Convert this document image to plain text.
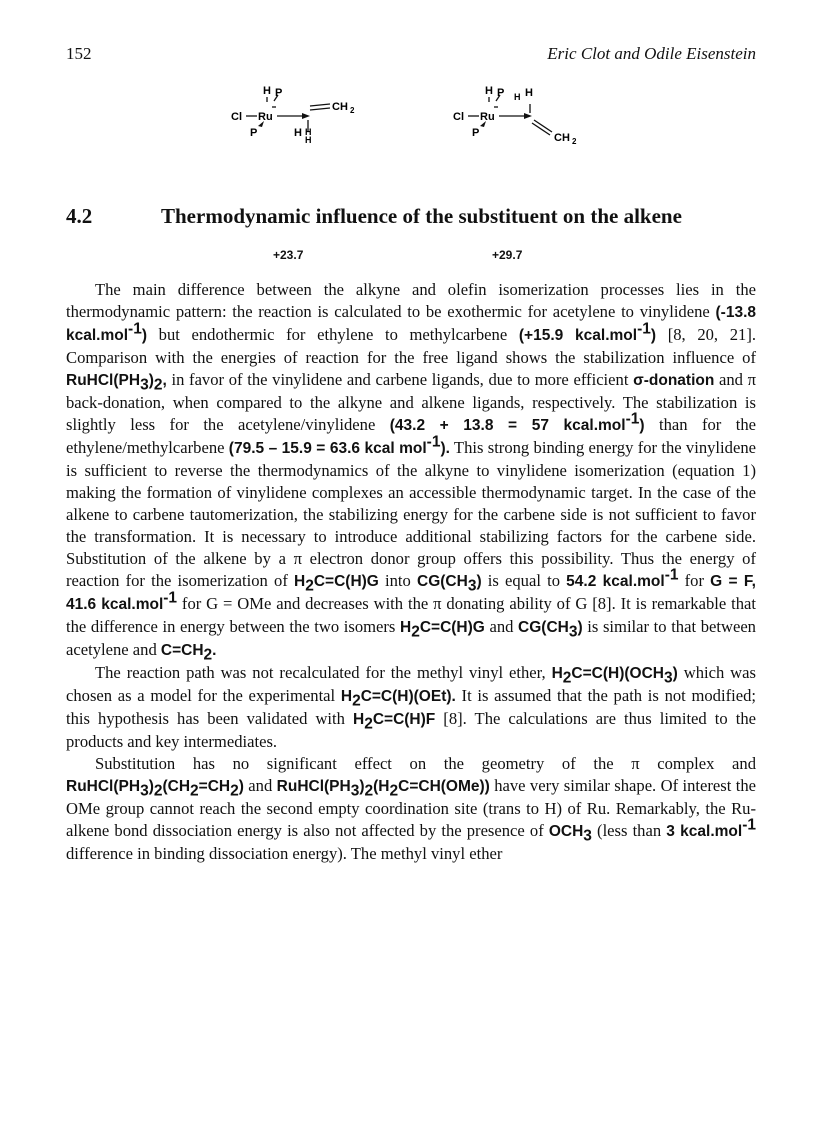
152	Eric Clot and Odile Eisenstein
H P
Cl Ru
CH 2
P	H H
H
+23.7
H P H H
Cl Ru
P	CH 2
+29.7
4.2	Thermodynamic influence of the substituent on the alkene

The main difference between the alkyne and olefin isomerization processes lies in the thermodynamic pattern: the reaction is calculated to be exothermic for acetylene to vinylidene (-13.8 kcal.mol$^{-1}$) but endothermic for ethylene to methylcarbene (+15.9 kcal.mol$^{-1}$) [8, 20, 21]. Comparison with the energies of reaction for the free ligand shows the stabilization influence of $RuHCl(PH_3)_2$, in favor of the vinylidene and carbene ligands, due to more efficient σ-donation and π back-donation, when compared to the alkyne and alkene ligands, respectively. The stabilization is slightly less for the acetylene/vinylidene (43.2 + 13.8 = 57 kcal.mol$^{-1}$) than for the ethylene/methylcarbene (79.5 – 15.9 = 63.6 kcal mol$^{-1}$). This strong binding energy for the vinylidene is sufficient to reverse the thermodynamics of the alkyne to vinylidene isomerization (equation 1) making the formation of vinylidene complexes an accessible thermodynamic target. In the case of the alkene to carbene tautomerization, the stabilizing energy for the carbene side is not sufficient to favor the transformation. It is necessary to introduce additional stabilizing factors for the carbene side. Substitution of the alkene by a π electron donor group offers this possibility. Thus the energy of reaction for the isomerization of $H_2C=C(H)G$ into $CG(CH_3)$ is equal to 54.2 kcal.mol$^{-1}$ for G = F, 41.6 kcal.mol$^{-1}$ for G = OMe and decreases with the π donating ability of G [8]. It is remarkable that the difference in energy between the two isomers $H_2C=C(H)G$ and $CG(CH_3)$ is similar to that between acetylene and $C=CH_2$.

The reaction path was not recalculated for the methyl vinyl ether, $H_2C=C(H)(OCH_3)$ which was chosen as a model for the experimental $H_2C=C(H)(OEt)$. It is assumed that the path is not modified; this hypothesis has been validated with $H_2C=C(H)F$ [8]. The calculations are thus limited to the products and key intermediates.

Substitution has no significant effect on the geometry of the π complex and $RuHCl(PH_3)_2(CH_2=CH_2)$ and $RuHCl(PH_3)_2(H_2C=CH(OMe))$ have very similar shape. Of interest the OMe group cannot reach the second empty coordination site (trans to H) of Ru. Remarkably, the Ru-alkene bond dissociation energy is also not affected by the presence of $OCH_3$ (less than 3 kcal.mol$^{-1}$ difference in binding dissociation energy). The methyl vinyl ether
